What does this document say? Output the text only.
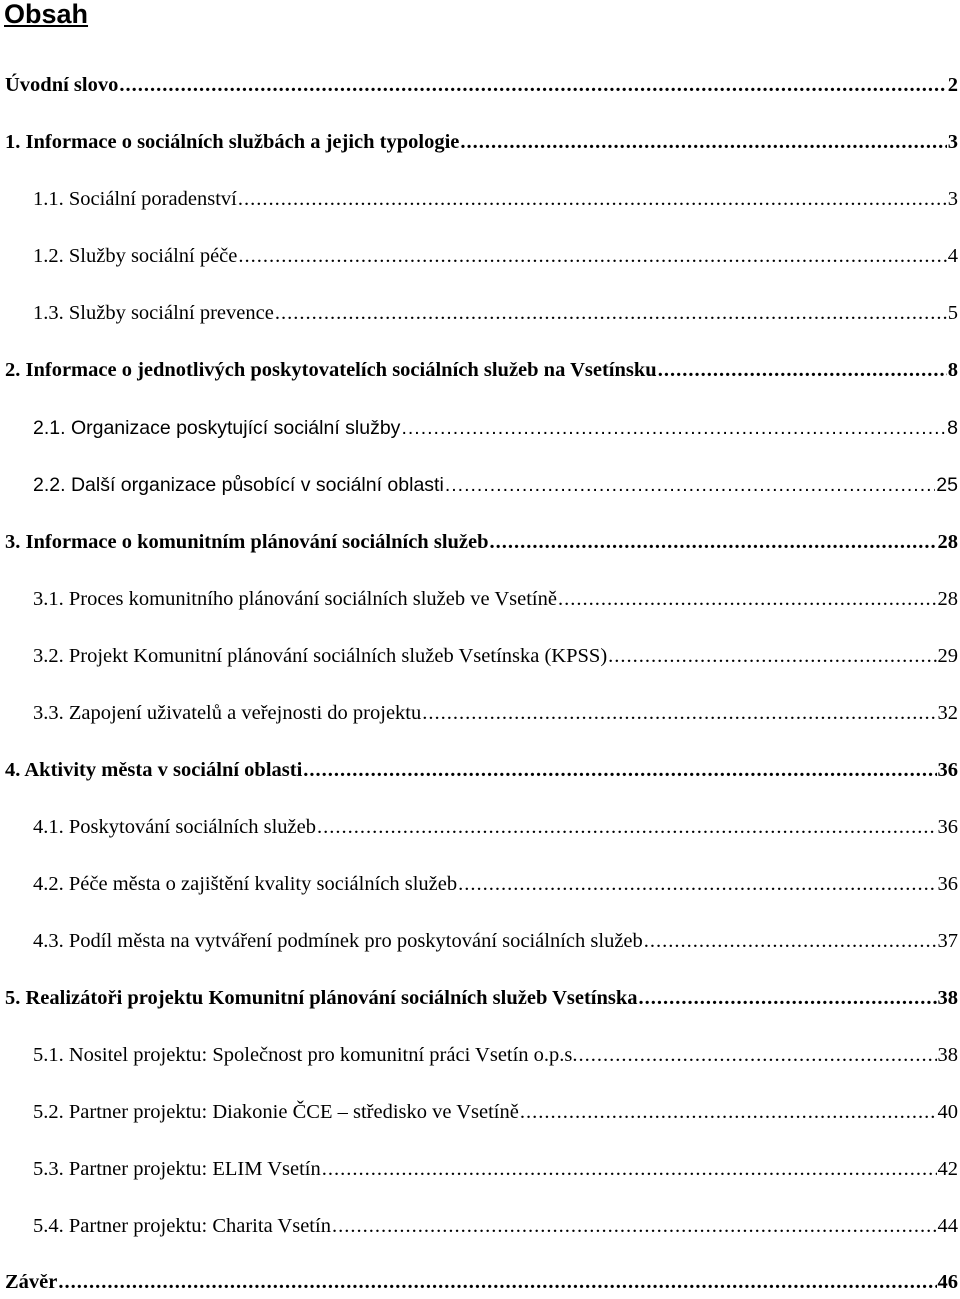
Obsah
Úvodní slovo .....	2
1. Informace o sociálních službách a jejich typologie .....	3
1.1. Sociální poradenství .....	3
1.2. Služby sociální péče .....	4
1.3. Služby sociální prevence .....	5
2. Informace o jednotlivých poskytovatelích sociálních služeb na Vsetínsku .....	8
2.1. Organizace poskytující sociální služby .....	8
2.2. Další organizace působící v sociální oblasti .....	25
3. Informace o komunitním plánování sociálních služeb .....	28
3.1. Proces komunitního plánování sociálních služeb ve Vsetíně .....	28
3.2. Projekt Komunitní plánování sociálních služeb Vsetínska (KPSS) .....	29
3.3. Zapojení uživatelů a veřejnosti do projektu .....	32
4. Aktivity města v sociální oblasti .....	36
4.1. Poskytování sociálních služeb .....	36
4.2. Péče města o zajištění kvality sociálních služeb .....	36
4.3. Podíl města na vytváření podmínek pro poskytování sociálních služeb .....	37
5. Realizátoři projektu Komunitní plánování sociálních služeb Vsetínska .....	38
5.1. Nositel projektu: Společnost pro komunitní práci Vsetín o.p.s. .....	38
5.2. Partner projektu: Diakonie ČCE – středisko ve Vsetíně .....	40
5.3. Partner projektu: ELIM Vsetín .....	42
5.4. Partner projektu: Charita Vsetín .....	44
Závěr .....	46
